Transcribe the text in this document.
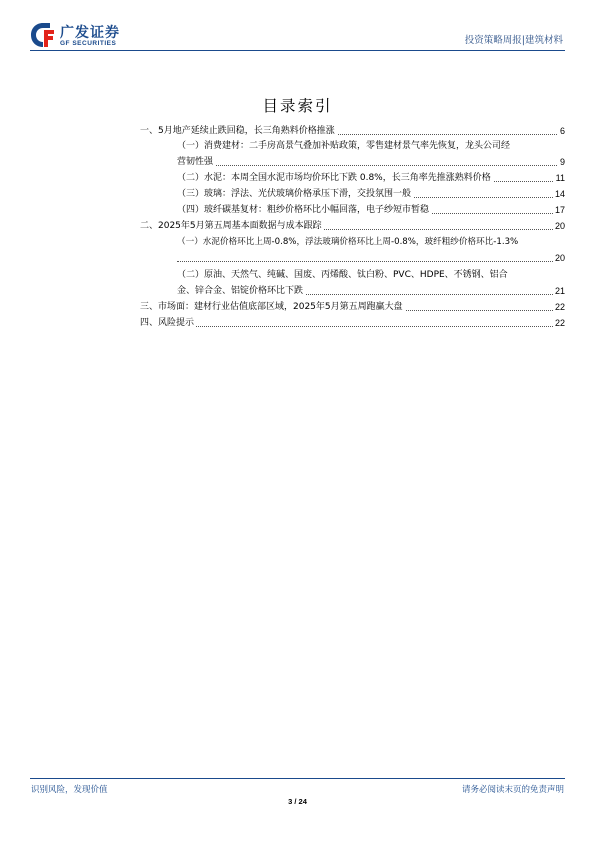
广发证券
GF SECURITIES	投资策略周报|建筑材料
目录索引
一、5月地产延续止跌回稳，长三角熟料价格推涨	6
（一）消费建材：二手房高景气叠加补贴政策，零售建材景气率先恢复，龙头公司经
营韧性强	9
（二）水泥：本周全国水泥市场均价环比下跌 0.8%，长三角率先推涨熟料价格	11
（三）玻璃：浮法、光伏玻璃价格承压下滑，交投氛围一般	14
（四）玻纤碳基复材：粗纱价格环比小幅回落，电子纱短市暂稳	17
二、2025年5月第五周基本面数据与成本跟踪	20
（一）水泥价格环比上周-0.8%，浮法玻璃价格环比上周-0.8%，玻纤粗纱价格环比-1.3%
20
（二）原油、天然气、纯碱、国废、丙烯酸、钛白粉、PVC、HDPE、不锈钢、铝合
金、锌合金、铝锭价格环比下跌	21
三、市场面：建材行业估值底部区域，2025年5月第五周跑赢大盘	22
四、风险提示	22
识别风险，发现价值	请务必阅读末页的免责声明
3 / 24
